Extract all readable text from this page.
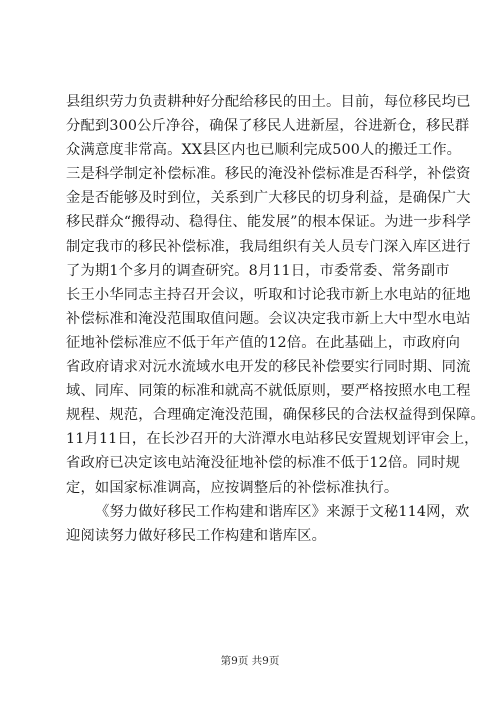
县组织劳力负责耕种好分配给移民的田土。目前，每位移民均已
分配到300公斤净谷，确保了移民人进新屋，谷进新仓，移民群
众满意度非常高。XX县区内也已顺利完成500人的搬迁工作。
三是科学制定补偿标准。移民的淹没补偿标准是否科学，补偿资
金是否能够及时到位，关系到广大移民的切身利益，是确保广大
移民群众“搬得动、稳得住、能发展”的根本保证。为进一步科学
制定我市的移民补偿标准，我局组织有关人员专门深入库区进行
了为期1个多月的调查研究。8月11日，市委常委、常务副市
长王小华同志主持召开会议，听取和讨论我市新上水电站的征地
补偿标准和淹没范围取值问题。会议决定我市新上大中型水电站
征地补偿标准应不低于年产值的12倍。在此基础上，市政府向
省政府请求对沅水流域水电开发的移民补偿要实行同时期、同流
域、同库、同策的标准和就高不就低原则，要严格按照水电工程
规程、规范，合理确定淹没范围，确保移民的合法权益得到保障。
11月11日，在长沙召开的大浒潭水电站移民安置规划评审会上，
省政府已决定该电站淹没征地补偿的标准不低于12倍。同时规
定，如国家标准调高，应按调整后的补偿标准执行。
《努力做好移民工作构建和谐库区》来源于文秘114网，欢
迎阅读努力做好移民工作构建和谐库区。
第9页 共9页
